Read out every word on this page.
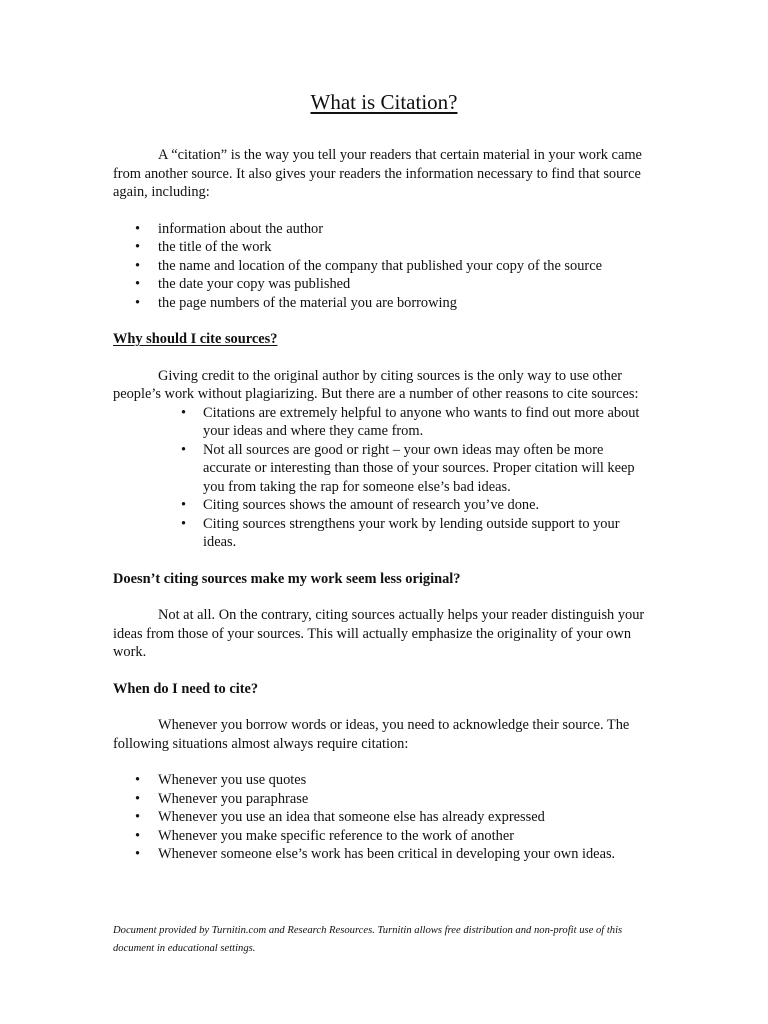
What is Citation?

A “citation” is the way you tell your readers that certain material in your work came from another source. It also gives your readers the information necessary to find that source again, including:

• information about the author
• the title of the work
• the name and location of the company that published your copy of the source
• the date your copy was published
• the page numbers of the material you are borrowing

Why should I cite sources?

Giving credit to the original author by citing sources is the only way to use other people’s work without plagiarizing. But there are a number of other reasons to cite sources:

• Citations are extremely helpful to anyone who wants to find out more about your ideas and where they came from.
• Not all sources are good or right – your own ideas may often be more accurate or interesting than those of your sources. Proper citation will keep you from taking the rap for someone else’s bad ideas.
• Citing sources shows the amount of research you’ve done.
• Citing sources strengthens your work by lending outside support to your ideas.

Doesn’t citing sources make my work seem less original?

Not at all. On the contrary, citing sources actually helps your reader distinguish your ideas from those of your sources. This will actually emphasize the originality of your own work.

When do I need to cite?

Whenever you borrow words or ideas, you need to acknowledge their source. The following situations almost always require citation:

• Whenever you use quotes
• Whenever you paraphrase
• Whenever you use an idea that someone else has already expressed
• Whenever you make specific reference to the work of another
• Whenever someone else’s work has been critical in developing your own ideas.

Document provided by Turnitin.com and Research Resources. Turnitin allows free distribution and non-profit use of this document in educational settings.
